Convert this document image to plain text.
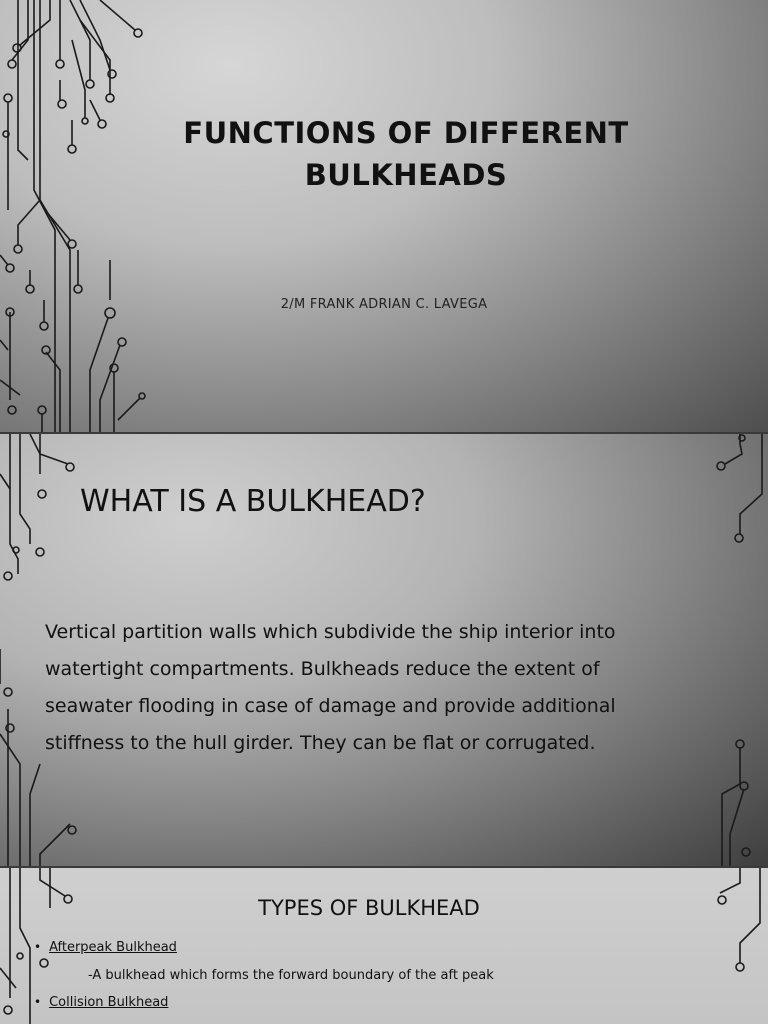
FUNCTIONS OF DIFFERENT
BULKHEADS
2/M FRANK ADRIAN C. LAVEGA
WHAT IS A BULKHEAD?
Vertical partition walls which subdivide the ship interior into
watertight compartments. Bulkheads reduce the extent of
seawater flooding in case of damage and provide additional
stiffness to the hull girder. They can be flat or corrugated.
TYPES OF BULKHEAD
• Afterpeak Bulkhead
-A bulkhead which forms the forward boundary of the aft peak
• Collision Bulkhead
